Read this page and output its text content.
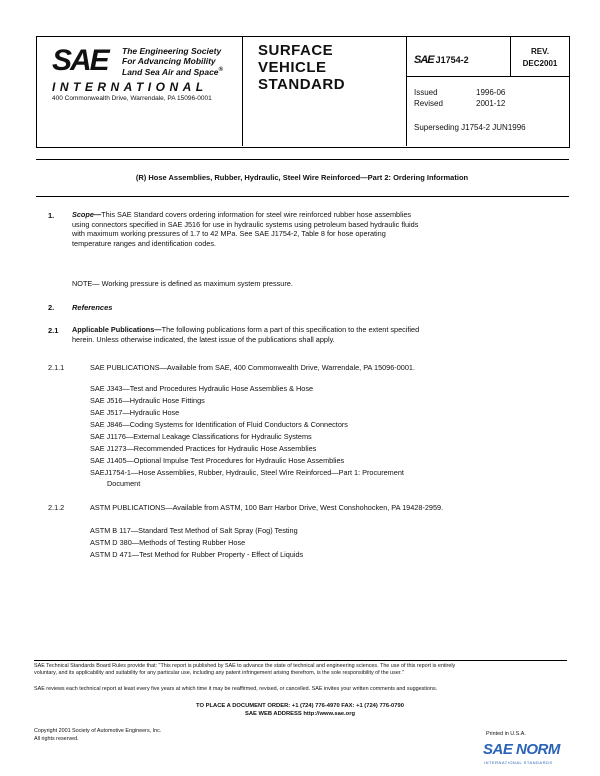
SAE The Engineering Society
For Advancing Mobility
Land Sea Air and Space®
INTERNATIONAL
400 Commonwealth Drive, Warrendale, PA 15096-0001
SURFACE
VEHICLE
STANDARD
SAE J1754-2
REV.
DEC2001
Issued	1996-06
Revised	2001-12
Superseding J1754-2 JUN1996
(R) Hose Assemblies, Rubber, Hydraulic, Steel Wire Reinforced—Part 2: Ordering Information
1. Scope—This SAE Standard covers ordering information for steel wire reinforced rubber hose assemblies
using connectors specified in SAE J516 for use in hydraulic systems using petroleum based hydraulic fluids
with maximum working pressures of 1.7 to 42 MPa. See SAE J1754-2, Table 8 for hose operating
temperature ranges and identification codes.
NOTE— Working pressure is defined as maximum system pressure.
2. References
2.1 Applicable Publications—The following publications form a part of this specification to the extent specified
herein. Unless otherwise indicated, the latest issue of the publications shall apply.
2.1.1	SAE PUBLICATIONS—Available from SAE, 400 Commonwealth Drive, Warrendale, PA 15096-0001.
SAE J343—Test and Procedures Hydraulic Hose Assemblies & Hose
SAE J516—Hydraulic Hose Fittings
SAE J517—Hydraulic Hose
SAE J846—Coding Systems for Identification of Fluid Conductors & Connectors
SAE J1176—External Leakage Classifications for Hydraulic Systems
SAE J1273—Recommended Practices for Hydraulic Hose Assemblies
SAE J1405—Optional Impulse Test Procedures for Hydraulic Hose Assemblies
SAEJ1754-1—Hose Assemblies, Rubber, Hydraulic, Steel Wire Reinforced—Part 1: Procurement
Document
2.1.2	ASTM PUBLICATIONS—Available from ASTM, 100 Barr Harbor Drive, West Conshohocken, PA 19428-2959.
ASTM B 117—Standard Test Method of Salt Spray (Fog) Testing
ASTM D 380—Methods of Testing Rubber Hose
ASTM D 471—Test Method for Rubber Property - Effect of Liquids
SAE Technical Standards Board Rules provide that: "This report is published by SAE to advance the state of technical and engineering sciences. The use of this report is entirely
voluntary, and its applicability and suitability for any particular use, including any patent infringement arising therefrom, is the sole responsibility of the user."
SAE reviews each technical report at least every five years at which time it may be reaffirmed, revised, or cancelled. SAE invites your written comments and suggestions.
TO PLACE A DOCUMENT ORDER: +1 (724) 776-4970 FAX: +1 (724) 776-0790
SAE WEB ADDRESS http://www.sae.org
Copyright 2001 Society of Automotive Engineers, Inc.
All rights reserved.
Printed in U.S.A.
SAE NORM
INTERNATIONAL STANDARDS
